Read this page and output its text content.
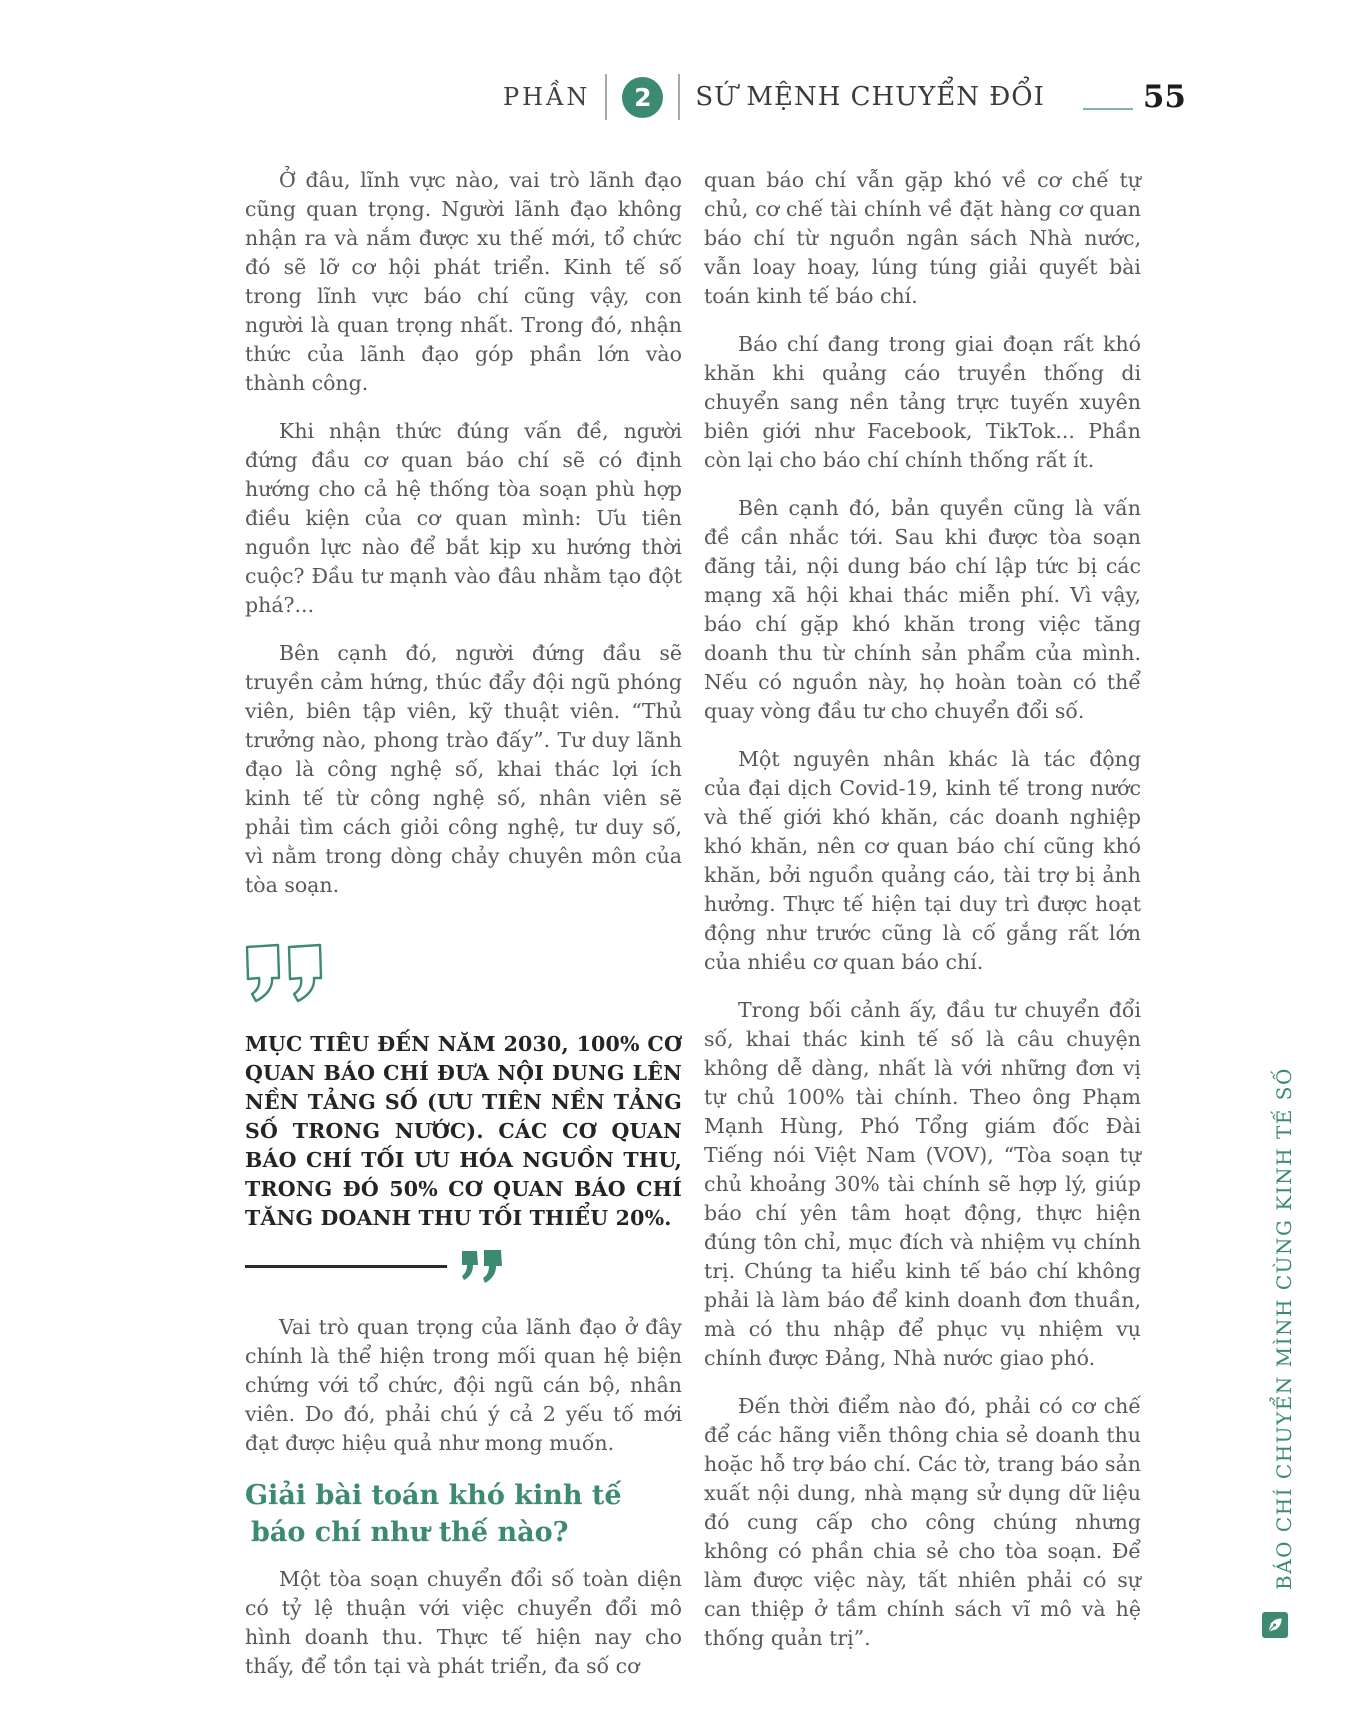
PHẦN	2	SỨ MỆNH CHUYỂN ĐỔI	55

Ở đâu, lĩnh vực nào, vai trò lãnh đạo cũng quan trọng. Người lãnh đạo không nhận ra và nắm được xu thế mới, tổ chức đó sẽ lỡ cơ hội phát triển. Kinh tế số trong lĩnh vực báo chí cũng vậy, con người là quan trọng nhất. Trong đó, nhận thức của lãnh đạo góp phần lớn vào thành công.

Khi nhận thức đúng vấn đề, người đứng đầu cơ quan báo chí sẽ có định hướng cho cả hệ thống tòa soạn phù hợp điều kiện của cơ quan mình: Ưu tiên nguồn lực nào để bắt kịp xu hướng thời cuộc? Đầu tư mạnh vào đâu nhằm tạo đột phá?...

Bên cạnh đó, người đứng đầu sẽ truyền cảm hứng, thúc đẩy đội ngũ phóng viên, biên tập viên, kỹ thuật viên. “Thủ trưởng nào, phong trào đấy”. Tư duy lãnh đạo là công nghệ số, khai thác lợi ích kinh tế từ công nghệ số, nhân viên sẽ phải tìm cách giỏi công nghệ, tư duy số, vì nằm trong dòng chảy chuyên môn của tòa soạn.

MỤC TIÊU ĐẾN NĂM 2030, 100% CƠ QUAN BÁO CHÍ ĐƯA NỘI DUNG LÊN NỀN TẢNG SỐ (ƯU TIÊN NỀN TẢNG SỐ TRONG NƯỚC). CÁC CƠ QUAN BÁO CHÍ TỐI ƯU HÓA NGUỒN THU, TRONG ĐÓ 50% CƠ QUAN BÁO CHÍ TĂNG DOANH THU TỐI THIỂU 20%.

Vai trò quan trọng của lãnh đạo ở đây chính là thể hiện trong mối quan hệ biện chứng với tổ chức, đội ngũ cán bộ, nhân viên. Do đó, phải chú ý cả 2 yếu tố mới đạt được hiệu quả như mong muốn.

Giải bài toán khó kinh tế
báo chí như thế nào?

Một tòa soạn chuyển đổi số toàn diện có tỷ lệ thuận với việc chuyển đổi mô hình doanh thu. Thực tế hiện nay cho thấy, để tồn tại và phát triển, đa số cơ

quan báo chí vẫn gặp khó về cơ chế tự chủ, cơ chế tài chính về đặt hàng cơ quan báo chí từ nguồn ngân sách Nhà nước, vẫn loay hoay, lúng túng giải quyết bài toán kinh tế báo chí.

Báo chí đang trong giai đoạn rất khó khăn khi quảng cáo truyền thống di chuyển sang nền tảng trực tuyến xuyên biên giới như Facebook, TikTok... Phần còn lại cho báo chí chính thống rất ít.

Bên cạnh đó, bản quyền cũng là vấn đề cần nhắc tới. Sau khi được tòa soạn đăng tải, nội dung báo chí lập tức bị các mạng xã hội khai thác miễn phí. Vì vậy, báo chí gặp khó khăn trong việc tăng doanh thu từ chính sản phẩm của mình. Nếu có nguồn này, họ hoàn toàn có thể quay vòng đầu tư cho chuyển đổi số.

Một nguyên nhân khác là tác động của đại dịch Covid-19, kinh tế trong nước và thế giới khó khăn, các doanh nghiệp khó khăn, nên cơ quan báo chí cũng khó khăn, bởi nguồn quảng cáo, tài trợ bị ảnh hưởng. Thực tế hiện tại duy trì được hoạt động như trước cũng là cố gắng rất lớn của nhiều cơ quan báo chí.

Trong bối cảnh ấy, đầu tư chuyển đổi số, khai thác kinh tế số là câu chuyện không dễ dàng, nhất là với những đơn vị tự chủ 100% tài chính. Theo ông Phạm Mạnh Hùng, Phó Tổng giám đốc Đài Tiếng nói Việt Nam (VOV), “Tòa soạn tự chủ khoảng 30% tài chính sẽ hợp lý, giúp báo chí yên tâm hoạt động, thực hiện đúng tôn chỉ, mục đích và nhiệm vụ chính trị. Chúng ta hiểu kinh tế báo chí không phải là làm báo để kinh doanh đơn thuần, mà có thu nhập để phục vụ nhiệm vụ chính được Đảng, Nhà nước giao phó.

Đến thời điểm nào đó, phải có cơ chế để các hãng viễn thông chia sẻ doanh thu hoặc hỗ trợ báo chí. Các tờ, trang báo sản xuất nội dung, nhà mạng sử dụng dữ liệu đó cung cấp cho công chúng nhưng không có phần chia sẻ cho tòa soạn. Để làm được việc này, tất nhiên phải có sự can thiệp ở tầm chính sách vĩ mô và hệ thống quản trị”.

BÁO CHÍ CHUYỂN MÌNH CÙNG KINH TẾ SỐ
